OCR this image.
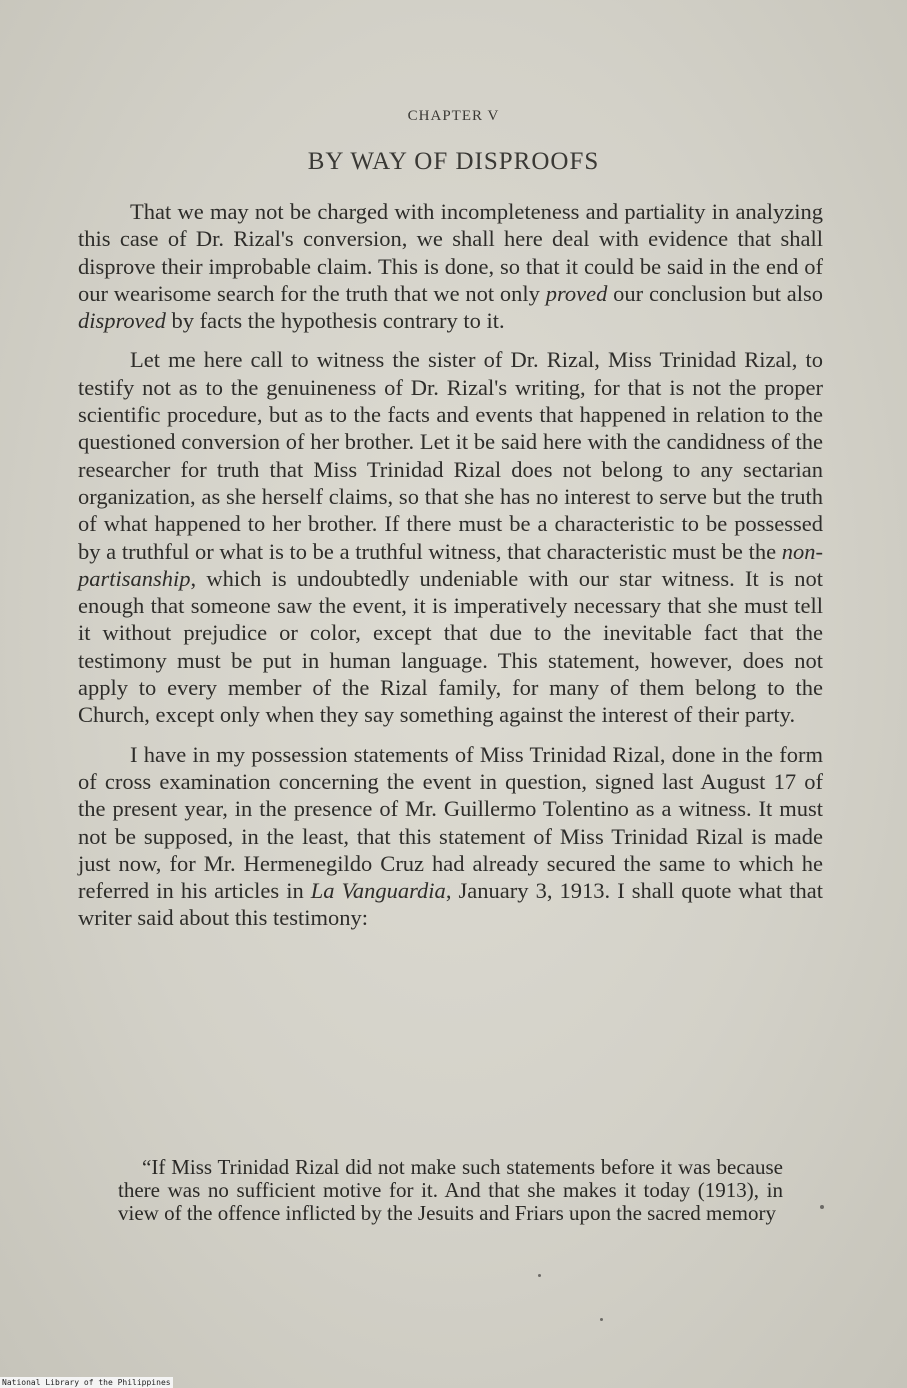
CHAPTER V
BY WAY OF DISPROOFS

That we may not be charged with incompleteness and partiality in analyzing this case of Dr. Rizal's conversion, we shall here deal with evidence that shall disprove their improbable claim. This is done, so that it could be said in the end of our wearisome search for the truth that we not only proved our conclusion but also disproved by facts the hypothesis contrary to it.

Let me here call to witness the sister of Dr. Rizal, Miss Trinidad Rizal, to testify not as to the genuineness of Dr. Rizal's writing, for that is not the proper scientific procedure, but as to the facts and events that happened in relation to the questioned conversion of her brother. Let it be said here with the candidness of the researcher for truth that Miss Trinidad Rizal does not belong to any sectarian organization, as she herself claims, so that she has no interest to serve but the truth of what happened to her brother. If there must be a characteristic to be possessed by a truthful or what is to be a truthful witness, that characteristic must be the non-partisanship, which is undoubtedly undeniable with our star witness. It is not enough that someone saw the event, it is imperatively necessary that she must tell it without prejudice or color, except that due to the inevitable fact that the testimony must be put in human language. This statement, however, does not apply to every member of the Rizal family, for many of them belong to the Church, except only when they say something against the interest of their party.

I have in my possession statements of Miss Trinidad Rizal, done in the form of cross examination concerning the event in question, signed last August 17 of the present year, in the presence of Mr. Guillermo Tolentino as a witness. It must not be supposed, in the least, that this statement of Miss Trinidad Rizal is made just now, for Mr. Hermenegildo Cruz had already secured the same to which he referred in his articles in La Vanguardia, January 3, 1913. I shall quote what that writer said about this testimony:

“If Miss Trinidad Rizal did not make such statements before it was because there was no sufficient motive for it. And that she makes it today (1913), in view of the offence inflicted by the Jesuits and Friars upon the sacred memory

National Library of the Philippines
